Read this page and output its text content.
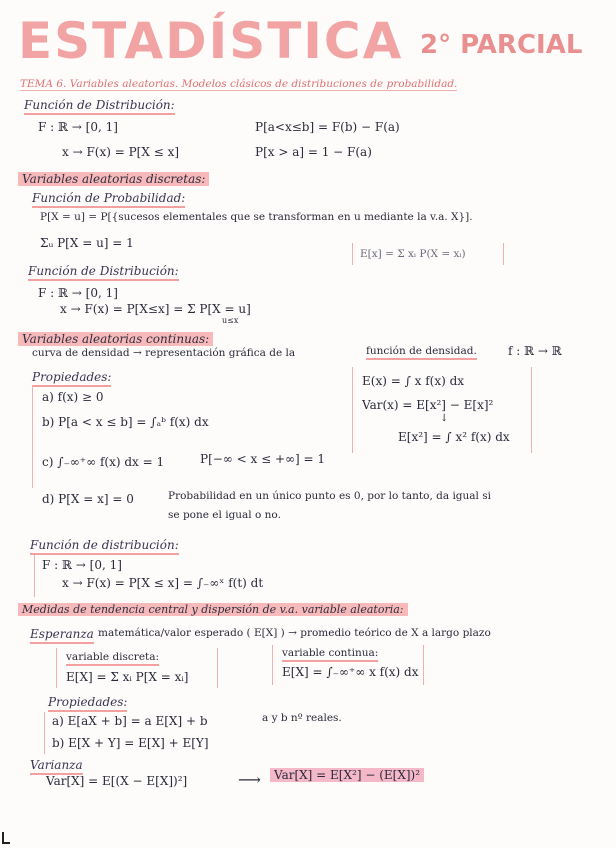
ESTADÍSTICA 2° PARCIAL
TEMA 6. Variables aleatorias. Modelos clásicos de distribuciones de probabilidad.
Función de Distribución:
F : ℝ → [0, 1]	P[a<x≤b] = F(b) − F(a)
x → F(x) = P[X ≤ x]	P[x > a] = 1 − F(a)
Variables aleatorias discretas:
Función de Probabilidad:
P[X = u] = P[{sucesos elementales que se transforman en u mediante la v.a. X}].
Σᵤ P[X = u] = 1
E[x] = Σ xᵢ P(X = xᵢ)
Función de Distribución:
F : ℝ → [0, 1]
x → F(x) = P[X≤x] = Σ P[X = u]
u≤x
Variables aleatorias continuas:
curva de densidad → representación gráfica de la	función de densidad.	f : ℝ → ℝ
Propiedades:
a) f(x) ≥ 0
b) P[a < x ≤ b] = ∫ₐᵇ f(x) dx
c) ∫₋∞⁺∞ f(x) dx = 1	P[−∞ < x ≤ +∞] = 1
E(x) = ∫ x f(x) dx
Var(x) = E[x²] − E[x]²
↓
E[x²] = ∫ x² f(x) dx
d) P[X = x] = 0	Probabilidad en un único punto es 0, por lo tanto, da igual si
se pone el igual o no.
Función de distribución:
F : ℝ → [0, 1]
x → F(x) = P[X ≤ x] = ∫₋∞ˣ f(t) dt
Medidas de tendencia central y dispersión de v.a. variable aleatoria:
Esperanza matemática/valor esperado ( E[X] ) → promedio teórico de X a largo plazo
variable discreta:
E[X] = Σ xᵢ P[X = xᵢ]
variable continua:
E[X] = ∫₋∞⁺∞ x f(x) dx
Propiedades:
a) E[aX + b] = a E[X] + b	a y b nº reales.
b) E[X + Y] = E[X] + E[Y]
Varianza
Var[X] = E[(X − E[X])²]	⟶	Var[X] = E[X²] − (E[X])²
